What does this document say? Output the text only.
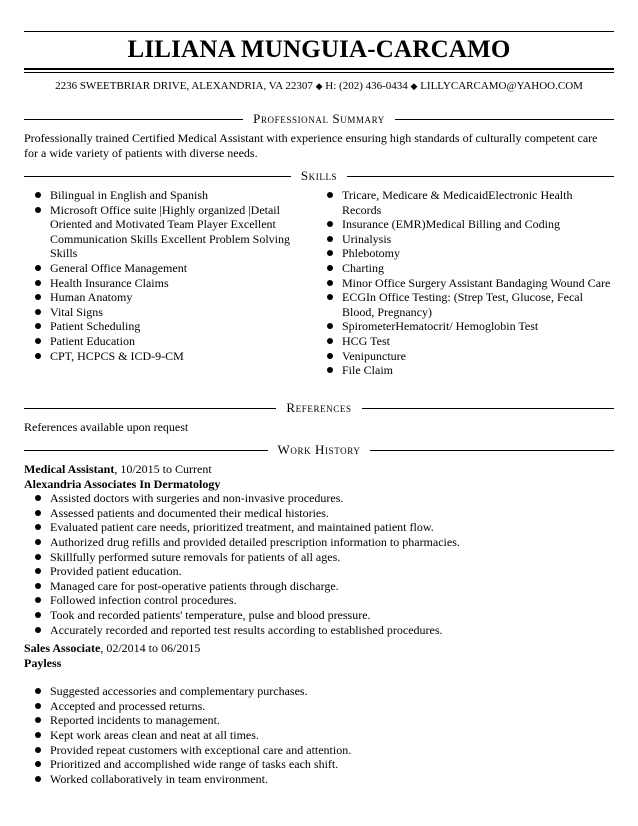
LILIANA MUNGUIA-CARCAMO
2236 SWEETBRIAR DRIVE, ALEXANDRIA, VA 22307 ◆ H: (202) 436-0434 ◆ LILLYCARCAMO@YAHOO.COM
Professional Summary
Professionally trained Certified Medical Assistant with experience ensuring high standards of culturally competent care for a wide variety of patients with diverse needs.
Skills
Bilingual in English and Spanish
Microsoft Office suite |Highly organized |Detail Oriented and Motivated Team Player Excellent Communication Skills Excellent Problem Solving Skills
General Office Management
Health Insurance Claims
Human Anatomy
Vital Signs
Patient Scheduling
Patient Education
CPT, HCPCS & ICD-9-CM
Tricare, Medicare & MedicaidElectronic Health Records
Insurance (EMR)Medical Billing and Coding
Urinalysis
Phlebotomy
Charting
Minor Office Surgery Assistant Bandaging Wound Care
ECGIn Office Testing: (Strep Test, Glucose, Fecal Blood, Pregnancy)
SpirometerHematocrit/ Hemoglobin Test
HCG Test
Venipuncture
File Claim
References
References available upon request
Work History
Medical Assistant, 10/2015 to Current
Alexandria Associates In Dermatology
Assisted doctors with surgeries and non-invasive procedures.
Assessed patients and documented their medical histories.
Evaluated patient care needs, prioritized treatment, and maintained patient flow.
Authorized drug refills and provided detailed prescription information to pharmacies.
Skillfully performed suture removals for patients of all ages.
Provided patient education.
Managed care for post-operative patients through discharge.
Followed infection control procedures.
Took and recorded patients' temperature, pulse and blood pressure.
Accurately recorded and reported test results according to established procedures.
Sales Associate, 02/2014 to 06/2015
Payless
Suggested accessories and complementary purchases.
Accepted and processed returns.
Reported incidents to management.
Kept work areas clean and neat at all times.
Provided repeat customers with exceptional care and attention.
Prioritized and accomplished wide range of tasks each shift.
Worked collaboratively in team environment.
